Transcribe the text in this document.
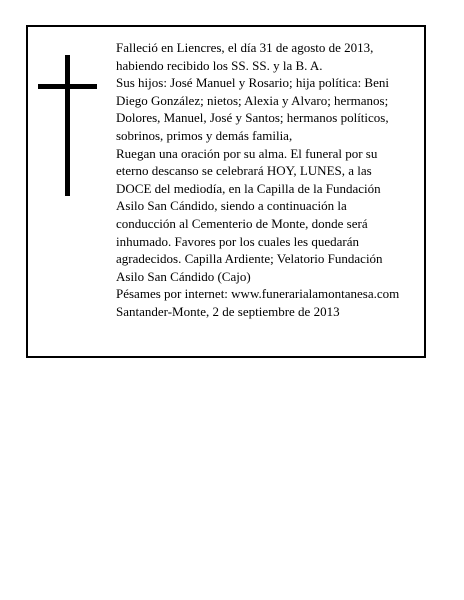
Falleció en Liencres, el día 31 de agosto de 2013,
habiendo recibido los SS. SS. y la B. A.
Sus hijos: José Manuel y Rosario; hija política: Beni
Diego González; nietos; Alexia y Alvaro; hermanos;
Dolores, Manuel, José y Santos; hermanos políticos,
sobrinos, primos y demás familia,
Ruegan una oración por su alma. El funeral por su
eterno descanso se celebrará HOY, LUNES, a las
DOCE del mediodía, en la Capilla de la Fundación
Asilo San Cándido, siendo a continuación la
conducción al Cementerio de Monte, donde será
inhumado. Favores por los cuales les quedarán
agradecidos. Capilla Ardiente; Velatorio Fundación
Asilo San Cándido (Cajo)
Pésames por internet: www.funerarialamontanesa.com
Santander-Monte, 2 de septiembre de 2013
